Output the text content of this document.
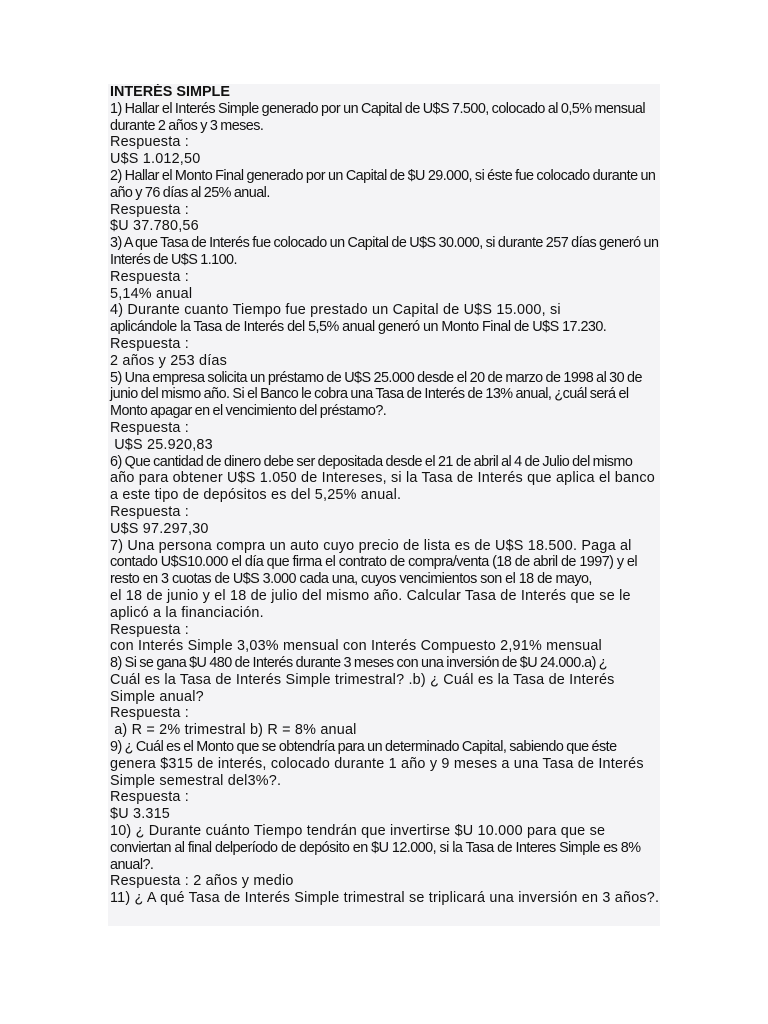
INTERÉS SIMPLE

1) Hallar el Interés Simple generado por un Capital de U$S 7.500, colocado al 0,5% mensual durante 2 años y 3 meses.

Respuesta :

U$S 1.012,50

2) Hallar el Monto Final generado por un Capital de $U 29.000, si éste fue colocado durante un año y 76 días al 25% anual.

Respuesta :

$U 37.780,56

3) A que Tasa de Interés fue colocado un Capital de U$S 30.000, si durante 257 días generó un Interés de U$S 1.100.

Respuesta :

5,14% anual

4) Durante cuanto Tiempo fue prestado un Capital de U$S 15.000, si
aplicándole la Tasa de Interés del 5,5% anual generó un Monto Final de U$S 17.230.

Respuesta :

2 años y 253 días

5) Una empresa solicita un préstamo de U$S 25.000 desde el 20 de marzo de 1998 al 30 de junio del mismo año. Si el Banco le cobra una Tasa de Interés de 13% anual, ¿cuál será el Monto apagar en el vencimiento del préstamo?.

Respuesta :

U$S 25.920,83

6) Que cantidad de dinero debe ser depositada desde el 21 de abril al 4 de Julio del mismo
año para obtener U$S 1.050 de Intereses, si la Tasa de Interés que aplica el banco a este tipo de depósitos es del 5,25% anual.

Respuesta :

U$S 97.297,30

7) Una persona compra un auto cuyo precio de lista es de U$S 18.500. Paga al
contado U$S10.000 el día que firma el contrato de compra/venta (18 de abril de 1997) y el resto en 3 cuotas de U$S 3.000 cada una, cuyos vencimientos son el 18 de mayo,
el 18 de junio y el 18 de julio del mismo año. Calcular Tasa de Interés que se le aplicó a la financiación.

Respuesta :

con Interés Simple 3,03% mensual con Interés Compuesto 2,91% mensual

8) Si se gana $U 480 de Interés durante 3 meses con una inversión de $U 24.000.a) ¿
Cuál es la Tasa de Interés Simple trimestral? .b) ¿ Cuál es la Tasa de Interés Simple anual?

Respuesta :

a) R = 2% trimestral b) R = 8% anual

9) ¿ Cuál es el Monto que se obtendría para un determinado Capital, sabiendo que éste
genera $315 de interés, colocado durante 1 año y 9 meses a una Tasa de Interés Simple semestral del3%?.

Respuesta :

$U 3.315

10) ¿ Durante cuánto Tiempo tendrán que invertirse $U 10.000 para que se
conviertan al final delperíodo de depósito en $U 12.000, si la Tasa de Interes Simple es 8% anual?.

Respuesta : 2 años y medio

11) ¿ A qué Tasa de Interés Simple trimestral se triplicará una inversión en 3 años?.
